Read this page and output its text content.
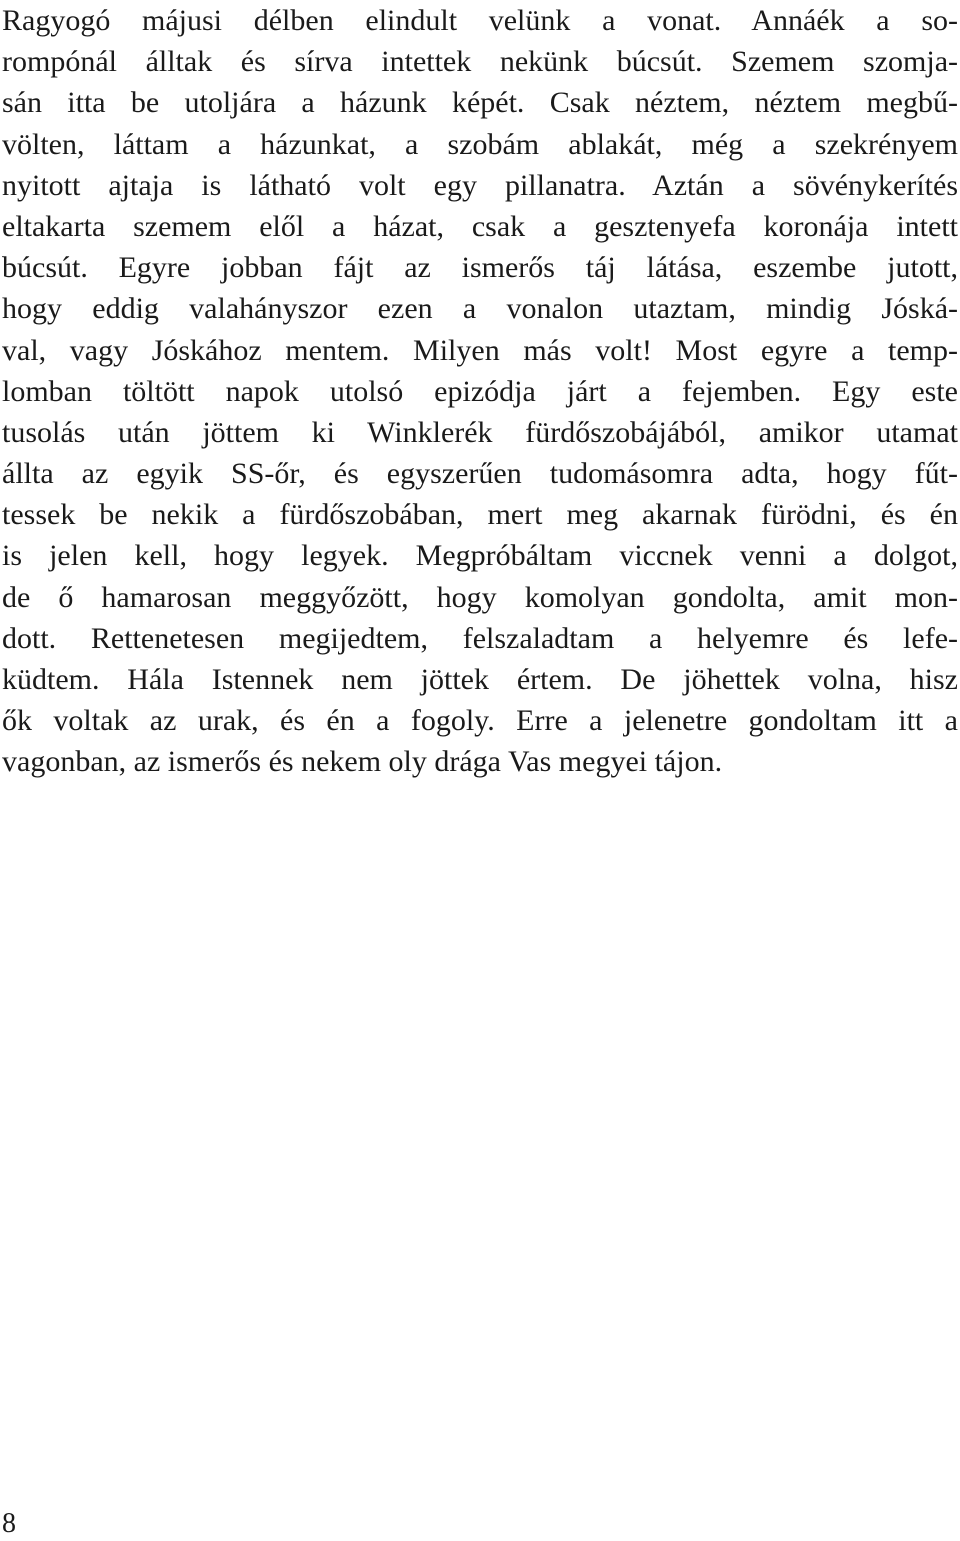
Ragyogó májusi délben elindult velünk a vonat. Annáék a so-
rompónál álltak és sírva intettek nekünk búcsút. Szemem szomja-
sán itta be utoljára a házunk képét. Csak néztem, néztem megbű-
völten, láttam a házunkat, a szobám ablakát, még a szekrényem
nyitott ajtaja is látható volt egy pillanatra. Aztán a sövénykerítés
eltakarta szemem elől a házat, csak a gesztenyefa koronája intett
búcsút. Egyre jobban fájt az ismerős táj látása, eszembe jutott,
hogy eddig valahányszor ezen a vonalon utaztam, mindig Jóská-
val, vagy Jóskához mentem. Milyen más volt! Most egyre a temp-
lomban töltött napok utolsó epizódja járt a fejemben. Egy este
tusolás után jöttem ki Winklerék fürdőszobájából, amikor utamat
állta az egyik SS-őr, és egyszerűen tudomásomra adta, hogy fűt-
tessek be nekik a fürdőszobában, mert meg akarnak fürödni, és én
is jelen kell, hogy legyek. Megpróbáltam viccnek venni a dolgot,
de ő hamarosan meggyőzött, hogy komolyan gondolta, amit mon-
dott. Rettenetesen megijedtem, felszaladtam a helyemre és lefe-
küdtem. Hála Istennek nem jöttek értem. De jöhettek volna, hisz
ők voltak az urak, és én a fogoly. Erre a jelenetre gondoltam itt a
vagonban, az ismerős és nekem oly drága Vas megyei tájon.
8
